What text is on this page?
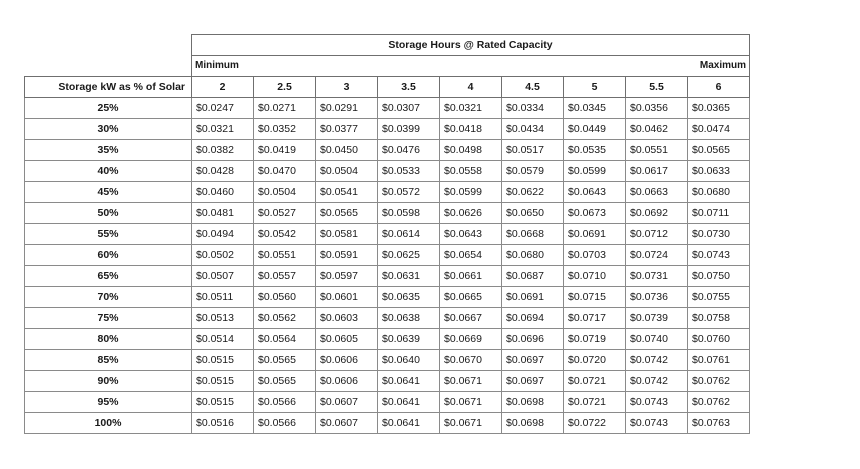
	Storage Hours @ Rated Capacity								

	Minimum Maximum								

Storage kW as % of Solar	2	2.5	3	3.5	4	4.5	5	5.5	6
25%	$0.0247	$0.0271	$0.0291	$0.0307	$0.0321	$0.0334	$0.0345	$0.0356	$0.0365
30%	$0.0321	$0.0352	$0.0377	$0.0399	$0.0418	$0.0434	$0.0449	$0.0462	$0.0474
35%	$0.0382	$0.0419	$0.0450	$0.0476	$0.0498	$0.0517	$0.0535	$0.0551	$0.0565
40%	$0.0428	$0.0470	$0.0504	$0.0533	$0.0558	$0.0579	$0.0599	$0.0617	$0.0633
45%	$0.0460	$0.0504	$0.0541	$0.0572	$0.0599	$0.0622	$0.0643	$0.0663	$0.0680
50%	$0.0481	$0.0527	$0.0565	$0.0598	$0.0626	$0.0650	$0.0673	$0.0692	$0.0711
55%	$0.0494	$0.0542	$0.0581	$0.0614	$0.0643	$0.0668	$0.0691	$0.0712	$0.0730
60%	$0.0502	$0.0551	$0.0591	$0.0625	$0.0654	$0.0680	$0.0703	$0.0724	$0.0743
65%	$0.0507	$0.0557	$0.0597	$0.0631	$0.0661	$0.0687	$0.0710	$0.0731	$0.0750
70%	$0.0511	$0.0560	$0.0601	$0.0635	$0.0665	$0.0691	$0.0715	$0.0736	$0.0755
75%	$0.0513	$0.0562	$0.0603	$0.0638	$0.0667	$0.0694	$0.0717	$0.0739	$0.0758
80%	$0.0514	$0.0564	$0.0605	$0.0639	$0.0669	$0.0696	$0.0719	$0.0740	$0.0760
85%	$0.0515	$0.0565	$0.0606	$0.0640	$0.0670	$0.0697	$0.0720	$0.0742	$0.0761
90%	$0.0515	$0.0565	$0.0606	$0.0641	$0.0671	$0.0697	$0.0721	$0.0742	$0.0762
95%	$0.0515	$0.0566	$0.0607	$0.0641	$0.0671	$0.0698	$0.0721	$0.0743	$0.0762
100%	$0.0516	$0.0566	$0.0607	$0.0641	$0.0671	$0.0698	$0.0722	$0.0743	$0.0763
